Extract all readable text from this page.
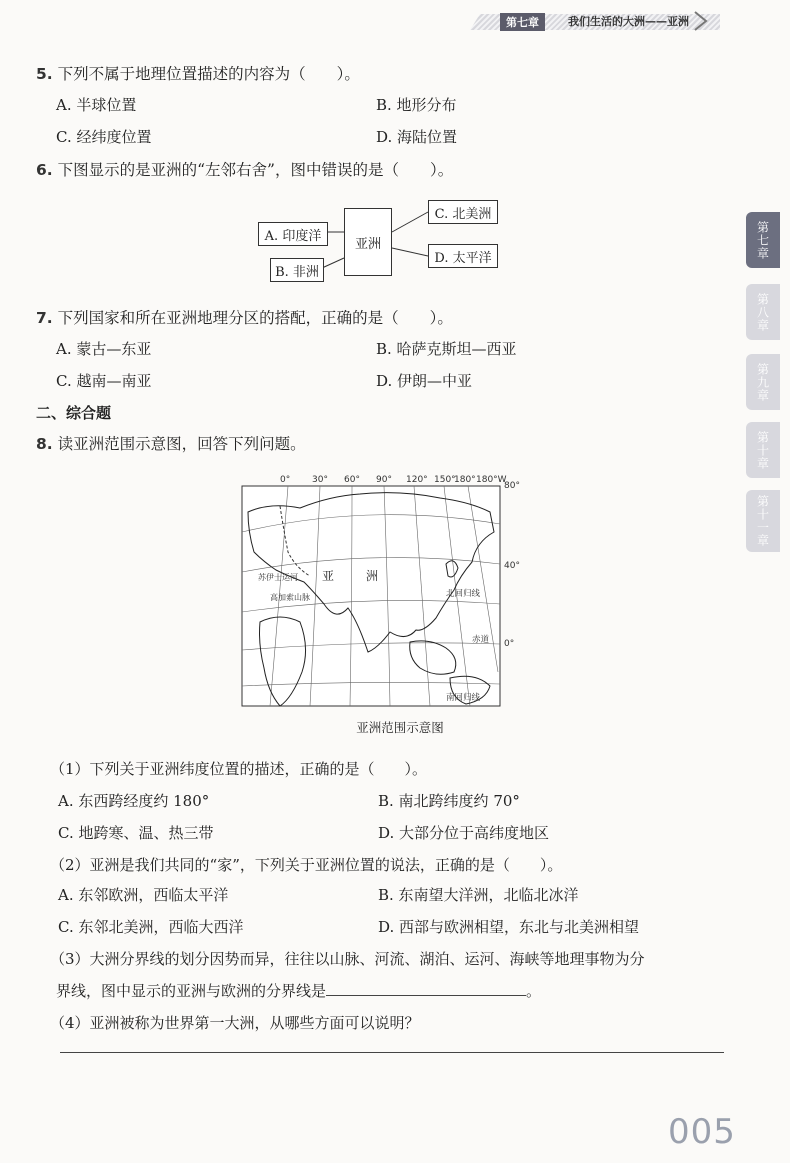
第七章	我们生活的大洲——亚洲
第七章
第八章
第九章
第十章
第十一章
5. 下列不属于地理位置描述的内容为（　　）。
A. 半球位置	B. 地形分布
C. 经纬度位置	D. 海陆位置
6. 下图显示的是亚洲的“左邻右舍”，图中错误的是（　　）。
亚洲
A. 印度洋
B. 非洲
C. 北美洲
D. 太平洋
7. 下列国家和所在亚洲地理分区的搭配，正确的是（　　）。
A. 蒙古—东亚	B. 哈萨克斯坦—西亚
C. 越南—南亚	D. 伊朗—中亚
二、综合题
8. 读亚洲范围示意图，回答下列问题。
0° 30° 60° 90° 120° 150°
180° 180°W
80°
40°
0°
亚	洲
北回归线
赤道
南回归线
苏伊士运河
高加索山脉
亚洲范围示意图
（1）下列关于亚洲纬度位置的描述，正确的是（　　）。
A. 东西跨经度约 180°	B. 南北跨纬度约 70°
C. 地跨寒、温、热三带	D. 大部分位于高纬度地区
（2）亚洲是我们共同的“家”，下列关于亚洲位置的说法，正确的是（　　）。
A. 东邻欧洲，西临太平洋	B. 东南望大洋洲，北临北冰洋
C. 东邻北美洲，西临大西洋	D. 西部与欧洲相望，东北与北美洲相望
（3）大洲分界线的划分因势而异，往往以山脉、河流、湖泊、运河、海峡等地理事物为分
界线，图中显示的亚洲与欧洲的分界线是	。
（4）亚洲被称为世界第一大洲，从哪些方面可以说明？
005
